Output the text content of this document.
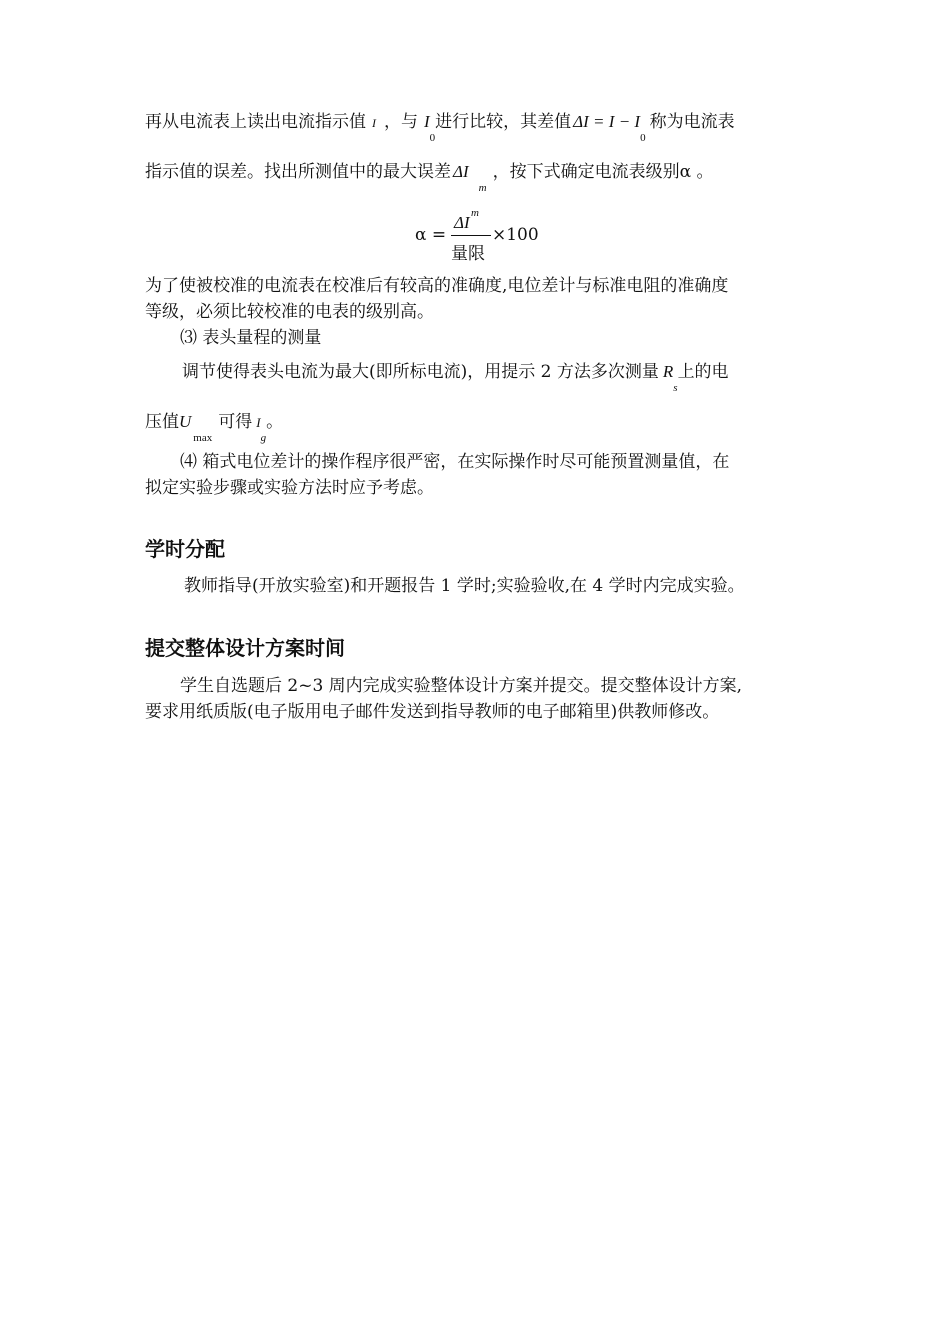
再从电流表上读出电流指示值 I ，与 $I_0$进行比较，其差值 $\Delta I = I - I_0$称为电流表
指示值的误差。找出所测值中的最大误差 $\Delta I_m$，按下式确定电流表级别α 。
α =
ΔI m
量限
×100
为了使被校准的电流表在校准后有较高的准确度,电位差计与标准电阻的准确度
等级，必须比较校准的电表的级别高。
⑶ 表头量程的测量
调节使得表头电流为最大(即所标电流)，用提示 2 方法多次测量 $R_s$上的电
压值$U_{max}$可得 $I_g$。
⑷ 箱式电位差计的操作程序很严密，在实际操作时尽可能预置测量值，在
拟定实验步骤或实验方法时应予考虑。
学时分配
教师指导(开放实验室)和开题报告 1 学时;实验验收,在 4 学时内完成实验。
提交整体设计方案时间
学生自选题后 2~3 周内完成实验整体设计方案并提交。提交整体设计方案,
要求用纸质版(电子版用电子邮件发送到指导教师的电子邮箱里)供教师修改。
